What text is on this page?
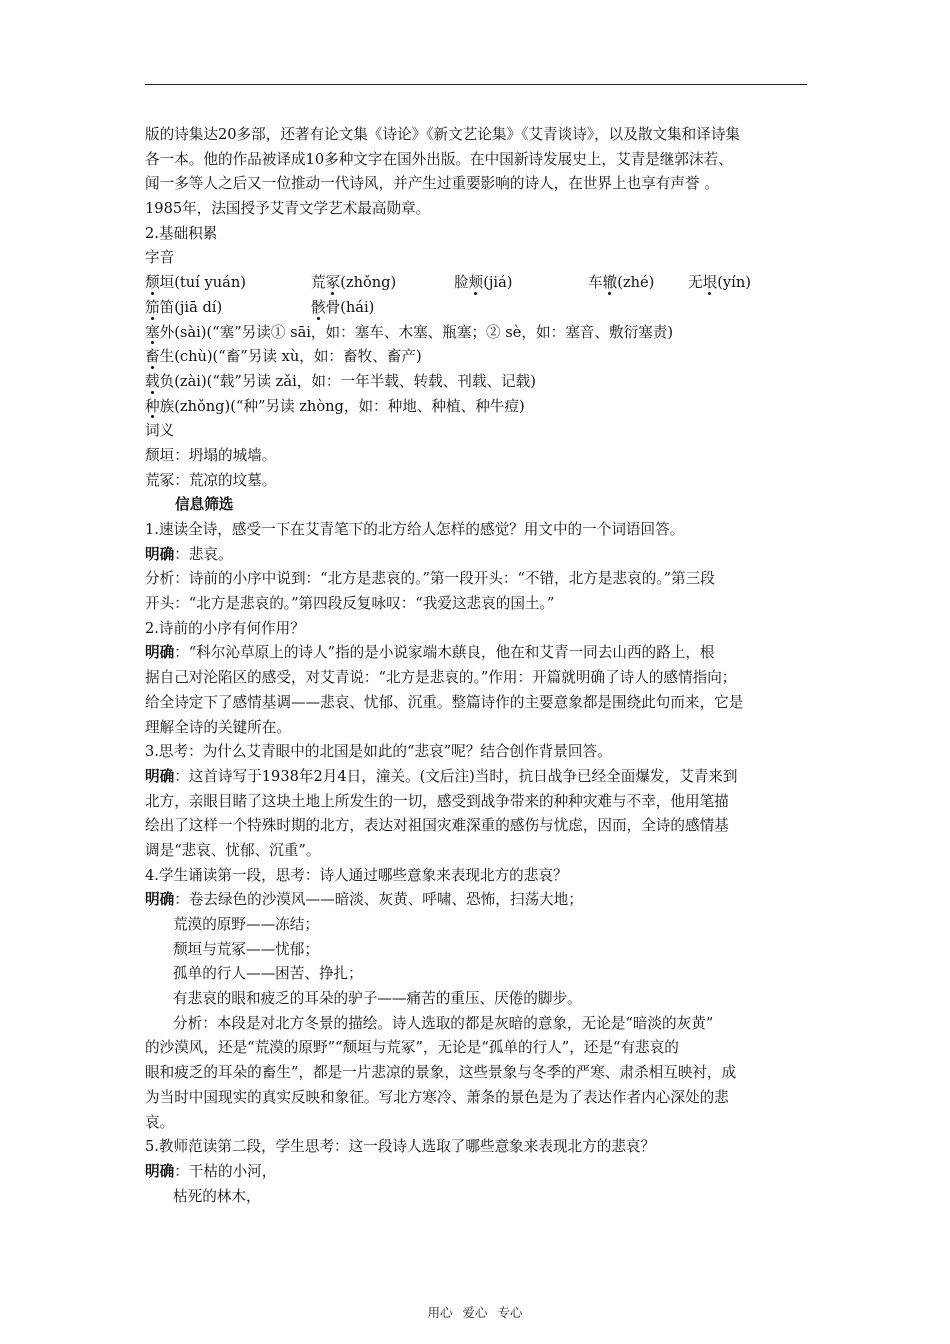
版的诗集达20多部，还著有论文集《诗论》《新文艺论集》《艾青谈诗》，以及散文集和译诗集
各一本。他的作品被译成10多种文字在国外出版。在中国新诗发展史上，艾青是继郭沫若、
闻一多等人之后又一位推动一代诗风，并产生过重要影响的诗人，在世界上也享有声誉 。
1985年，法国授予艾青文学艺术最高勋章。
2.基础积累
字音
颓垣(tuí yuán)	荒冢(zhǒng)	脸颊(jiá)	车辙(zhé) 无垠(yín)
笳笛(jiā dí)	骸骨(hái)
塞外(sài)(“塞”另读① sāi，如：塞车、木塞、瓶塞；② sè，如：塞音、敷衍塞责)
畜生(chù)(“畜”另读 xù，如：畜牧、畜产)
载负(zài)(“载”另读 zǎi，如：一年半载、转载、刊载、记载)
种族(zhǒng)(“种”另读 zhòng，如：种地、种植、种牛痘)
词义
颓垣：坍塌的城墙。
荒冢：荒凉的坟墓。
信息筛选
1.速读全诗，感受一下在艾青笔下的北方给人怎样的感觉？用文中的一个词语回答。
明确：悲哀。
分析：诗前的小序中说到：“北方是悲哀的。”第一段开头：“不错，北方是悲哀的。”第三段
开头：“北方是悲哀的。”第四段反复咏叹：“我爱这悲哀的国土。”
2.诗前的小序有何作用？
明确：“科尔沁草原上的诗人”指的是小说家端木蕻良，他在和艾青一同去山西的路上，根
据自己对沦陷区的感受，对艾青说：“北方是悲哀的。”作用：开篇就明确了诗人的感情指向；
给全诗定下了感情基调——悲哀、忧郁、沉重。整篇诗作的主要意象都是围绕此句而来，它是
理解全诗的关键所在。
3.思考：为什么艾青眼中的北国是如此的“悲哀”呢？结合创作背景回答。
明确：这首诗写于1938年2月4日，潼关。(文后注)当时，抗日战争已经全面爆发，艾青来到
北方，亲眼目睹了这块土地上所发生的一切，感受到战争带来的种种灾难与不幸，他用笔描
绘出了这样一个特殊时期的北方，表达对祖国灾难深重的感伤与忧虑，因而，全诗的感情基
调是“悲哀、忧郁、沉重”。
4.学生诵读第一段，思考：诗人通过哪些意象来表现北方的悲哀？
明确：卷去绿色的沙漠风——暗淡、灰黄、呼啸、恐怖，扫荡大地；
荒漠的原野——冻结；
颓垣与荒冢——忧郁；
孤单的行人——困苦、挣扎；
有悲哀的眼和疲乏的耳朵的驴子——痛苦的重压、厌倦的脚步。
分析：本段是对北方冬景的描绘。诗人选取的都是灰暗的意象，无论是“暗淡的灰黄”
的沙漠风，还是“荒漠的原野”“颓垣与荒冢”，无论是“孤单的行人”，还是“有悲哀的
眼和疲乏的耳朵的畜生”，都是一片悲凉的景象，这些景象与冬季的严寒、肃杀相互映衬，成
为当时中国现实的真实反映和象征。写北方寒冷、萧条的景色是为了表达作者内心深处的悲
哀。
5.教师范读第二段，学生思考：这一段诗人选取了哪些意象来表现北方的悲哀？
明确：干枯的小河，
枯死的林木，
用心 爱心 专心
